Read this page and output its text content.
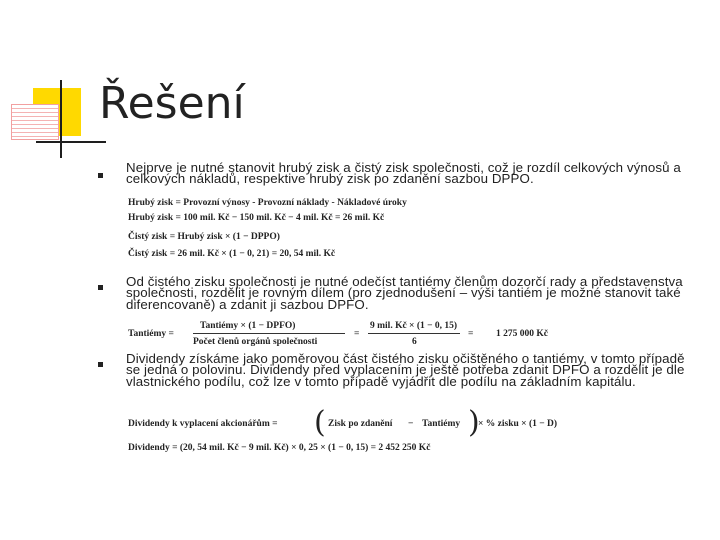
Řešení

Nejprve je nutné stanovit hrubý zisk a čistý zisk společnosti, což je rozdíl celkových výnosů a celkových nákladů, respektive hrubý zisk po zdanění sazbou DPPO.

Hrubý zisk = Provozní výnosy - Provozní náklady - Nákladové úroky

Hrubý zisk = 100 mil. Kč − 150 mil. Kč − 4 mil. Kč = 26 mil. Kč

Čistý zisk = Hrubý zisk × (1 − DPPO)

Čistý zisk = 26 mil. Kč × (1 − 0, 21) = 20, 54 mil. Kč

Od čistého zisku společnosti je nutné odečíst tantiémy členům dozorčí rady a představenstva společnosti, rozdělit je rovným dílem (pro zjednodušení – výši tantiém je možné stanovit také diferencovaně) a zdanit ji sazbou DPFO.

Tantiémy =
Tantiémy × (1 − DPFO)
Počet členů orgánů společnosti
=
9 mil. Kč × (1 − 0, 15)
6
= 1 275 000 Kč

Dividendy získáme jako poměrovou část čistého zisku očištěného o tantiémy, v tomto případě se jedná o polovinu. Dividendy před vyplacením je ještě potřeba zdanit DPFO a rozdělit je dle vlastnického podílu, což lze v tomto případě vyjádřit dle podílu na základním kapitálu.

Dividendy k vyplacení akcionářům = ( Zisk po zdanění − Tantiémy )
× % zisku × (1 − D)

Dividendy = (20, 54 mil. Kč − 9 mil. Kč) × 0, 25 × (1 − 0, 15) = 2 452 250 Kč
